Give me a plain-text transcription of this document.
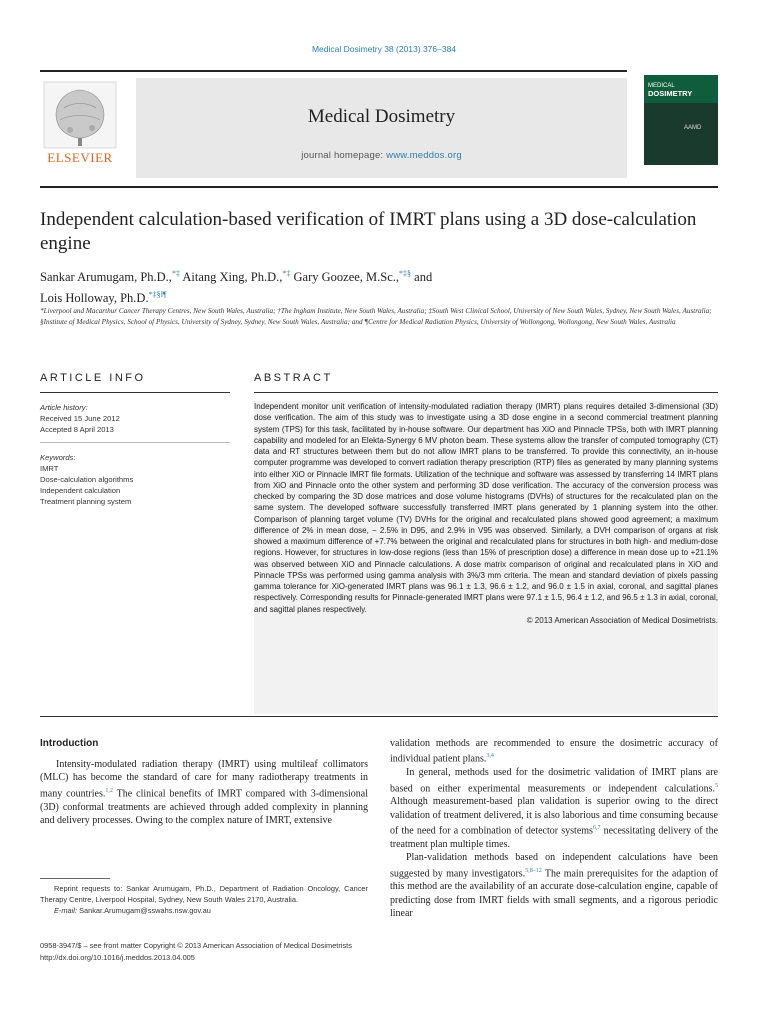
Medical Dosimetry 38 (2013) 376–384
ELSEVIER
Medical Dosimetry
journal homepage: www.meddos.org
MEDICAL
DOSIMETRY
AAMD
Independent calculation-based verification of IMRT plans using a 3D dose-calculation engine
Sankar Arumugam, Ph.D.,*‡ Aitang Xing, Ph.D.,*‡ Gary Goozee, M.Sc.,*‡§ and
Lois Holloway, Ph.D.*‡§‖¶
*Liverpool and Macarthur Cancer Therapy Centres, New South Wales, Australia; †The Ingham Institute, New South Wales, Australia; ‡South West Clinical School, University of New South Wales, Sydney, New South Wales, Australia; §Institute of Medical Physics, School of Physics, University of Sydney, Sydney, New South Wales, Australia; and ¶Centre for Medical Radiation Physics, University of Wollongong, Wollongong, New South Wales, Australia
ARTICLE INFO
Article history:
Received 15 June 2012
Accepted 8 April 2013
Keywords:
IMRT
Dose-calculation algorithms
Independent calculation
Treatment planning system
ABSTRACT
Independent monitor unit verification of intensity-modulated radiation therapy (IMRT) plans requires detailed 3-dimensional (3D) dose verification. The aim of this study was to investigate using a 3D dose engine in a second commercial treatment planning system (TPS) for this task, facilitated by in-house software. Our department has XiO and Pinnacle TPSs, both with IMRT planning capability and modeled for an Elekta-Synergy 6 MV photon beam. These systems allow the transfer of computed tomography (CT) data and RT structures between them but do not allow IMRT plans to be transferred. To provide this connectivity, an in-house computer programme was developed to convert radiation therapy prescription (RTP) files as generated by many planning systems into either XiO or Pinnacle IMRT file formats. Utilization of the technique and software was assessed by transferring 14 IMRT plans from XiO and Pinnacle onto the other system and performing 3D dose verification. The accuracy of the conversion process was checked by comparing the 3D dose matrices and dose volume histograms (DVHs) of structures for the recalculated plan on the same system. The developed software successfully transferred IMRT plans generated by 1 planning system into the other. Comparison of planning target volume (TV) DVHs for the original and recalculated plans showed good agreement; a maximum difference of 2% in mean dose, − 2.5% in D95, and 2.9% in V95 was observed. Similarly, a DVH comparison of organs at risk showed a maximum difference of +7.7% between the original and recalculated plans for structures in both high- and medium-dose regions. However, for structures in low-dose regions (less than 15% of prescription dose) a difference in mean dose up to +21.1% was observed between XiO and Pinnacle calculations. A dose matrix comparison of original and recalculated plans in XiO and Pinnacle TPSs was performed using gamma analysis with 3%/3 mm criteria. The mean and standard deviation of pixels passing gamma tolerance for XiO-generated IMRT plans was 96.1 ± 1.3, 96.6 ± 1.2, and 96.0 ± 1.5 in axial, coronal, and sagittal planes respectively. Corresponding results for Pinnacle-generated IMRT plans were 97.1 ± 1.5, 96.4 ± 1.2, and 96.5 ± 1.3 in axial, coronal, and sagittal planes respectively.
© 2013 American Association of Medical Dosimetrists.
Introduction

Intensity-modulated radiation therapy (IMRT) using multileaf collimators (MLC) has become the standard of care for many radiotherapy treatments in many countries.$^{1,2}$ The clinical benefits of IMRT compared with 3-dimensional (3D) conformal treatments are achieved through added complexity in planning and delivery processes. Owing to the complex nature of IMRT, extensive

validation methods are recommended to ensure the dosimetric accuracy of individual patient plans.$^{3,4}$

In general, methods used for the dosimetric validation of IMRT plans are based on either experimental measurements or independent calculations.$^5$ Although measurement-based plan validation is superior owing to the direct validation of treatment delivered, it is also laborious and time consuming because of the need for a combination of detector systems$^{6,7}$ necessitating delivery of the treatment plan multiple times.

Plan-validation methods based on independent calculations have been suggested by many investigators.$^{5,8-12}$ The main prerequisites for the adaption of this method are the availability of an accurate dose-calculation engine, capable of predicting dose from IMRT fields with small segments, and a rigorous periodic linear

Reprint requests to: Sankar Arumugam, Ph.D., Department of Radiation Oncology, Cancer Therapy Centre, Liverpool Hospital, Sydney, New South Wales 2170, Australia.

E-mail: Sankar.Arumugam@sswahs.nsw.gov.au

0958-3947/$ – see front matter Copyright © 2013 American Association of Medical Dosimetrists
http://dx.doi.org/10.1016/j.meddos.2013.04.005
